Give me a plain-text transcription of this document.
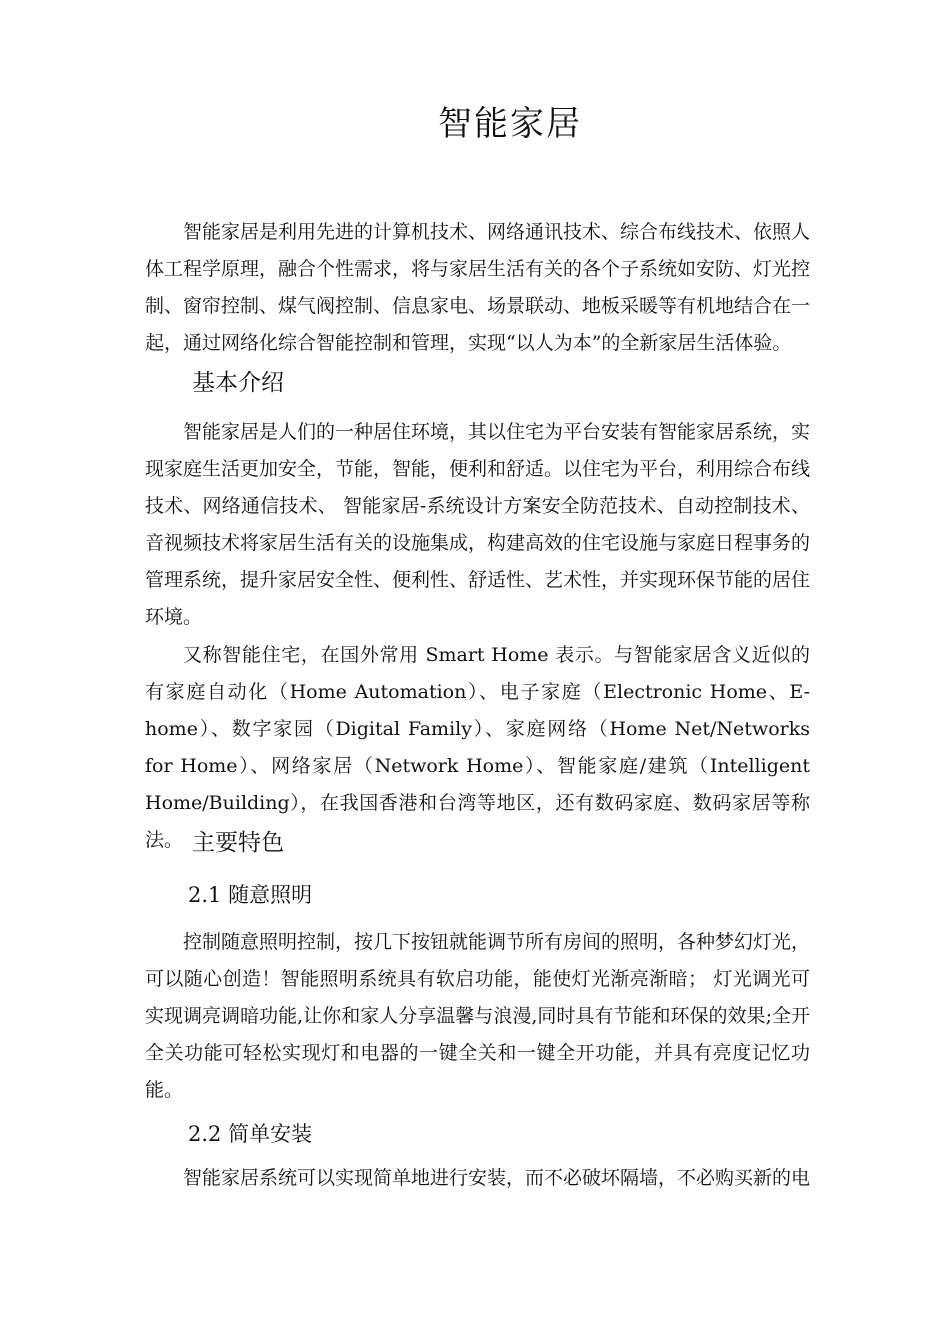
智能家居
智能家居是利用先进的计算机技术、网络通讯技术、综合布线技术、依照人体工程学原理，融合个性需求，将与家居生活有关的各个子系统如安防、灯光控制、窗帘控制、煤气阀控制、信息家电、场景联动、地板采暖等有机地结合在一起，通过网络化综合智能控制和管理，实现“以人为本”的全新家居生活体验。
基本介绍
智能家居是人们的一种居住环境，其以住宅为平台安装有智能家居系统，实现家庭生活更加安全，节能，智能，便利和舒适。以住宅为平台，利用综合布线技术、网络通信技术、 智能家居-系统设计方案安全防范技术、自动控制技术、音视频技术将家居生活有关的设施集成，构建高效的住宅设施与家庭日程事务的管理系统，提升家居安全性、便利性、舒适性、艺术性，并实现环保节能的居住环境。
又称智能住宅，在国外常用 Smart Home 表示。与智能家居含义近似的有家庭自动化（Home Automation）、电子家庭（Electronic Home、E-home）、数字家园（Digital Family）、家庭网络（Home Net/Networks for Home）、网络家居（Network Home）、智能家庭/建筑（Intelligent Home/Building），在我国香港和台湾等地区，还有数码家庭、数码家居等称法。 主要特色
2.1 随意照明
控制随意照明控制，按几下按钮就能调节所有房间的照明，各种梦幻灯光，可以随心创造！智能照明系统具有软启功能，能使灯光渐亮渐暗； 灯光调光可实现调亮调暗功能,让你和家人分享温馨与浪漫,同时具有节能和环保的效果;全开全关功能可轻松实现灯和电器的一键全关和一键全开功能，并具有亮度记忆功能。
2.2 简单安装
智能家居系统可以实现简单地进行安装，而不必破坏隔墙，不必购买新的电
